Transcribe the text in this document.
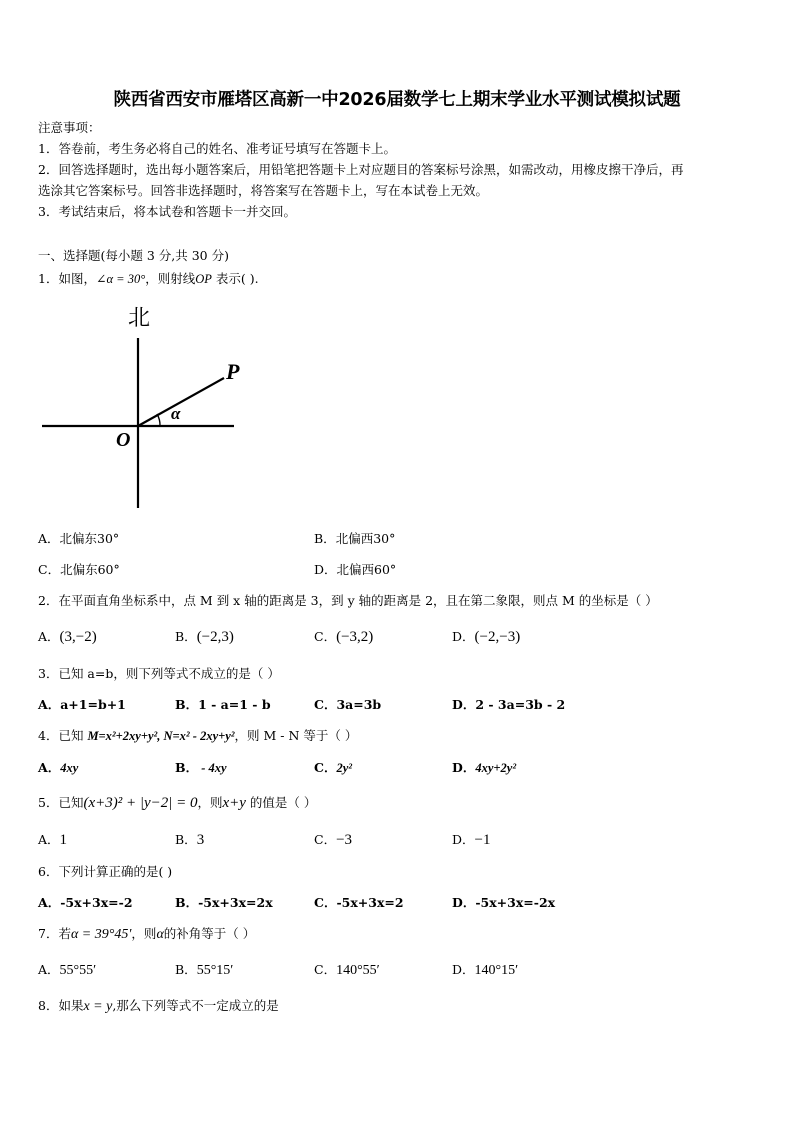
陕西省西安市雁塔区高新一中2026届数学七上期末学业水平测试模拟试题
注意事项：
1．答卷前，考生务必将自己的姓名、准考证号填写在答题卡上。
2．回答选择题时，选出每小题答案后，用铅笔把答题卡上对应题目的答案标号涂黑，如需改动，用橡皮擦干净后，再
选涂其它答案标号。回答非选择题时，将答案写在答题卡上，写在本试卷上无效。
3．考试结束后，将本试卷和答题卡一并交回。
一、选择题(每小题 3 分,共 30 分)
1．如图，∠α = 30°，则射线OP 表示( ).
北
P
O
α
A．北偏东30°	B．北偏西30°
C．北偏东60°	D．北偏西60°
2．在平面直角坐标系中，点 M 到 x 轴的距离是 3，到 y 轴的距离是 2，且在第二象限，则点 M 的坐标是（ ）
A．(3,−2)	B．(−2,3)	C．(−3,2)	D．(−2,−3)
3．已知 a=b，则下列等式不成立的是（ ）
A．a+1=b+1	B．1 - a=1 - b	C．3a=3b	D．2 - 3a=3b - 2
4．已知 M=x²+2xy+y², N=x² - 2xy+y²，则 M - N 等于（ ）
A．4xy	B． - 4xy	C．2y²	D．4xy+2y²
5．已知(x+3)² + |y−2| = 0，则x+y 的值是（ ）
A．1	B．3	C．−3	D．−1
6．下列计算正确的是( )
A．-5x+3x=-2	B．-5x+3x=2x	C．-5x+3x=2	D．-5x+3x=-2x
7．若α = 39°45′，则α的补角等于（ ）
A．55°55′	B．55°15′	C．140°55′	D．140°15′
8．如果x = y,那么下列等式不一定成立的是
